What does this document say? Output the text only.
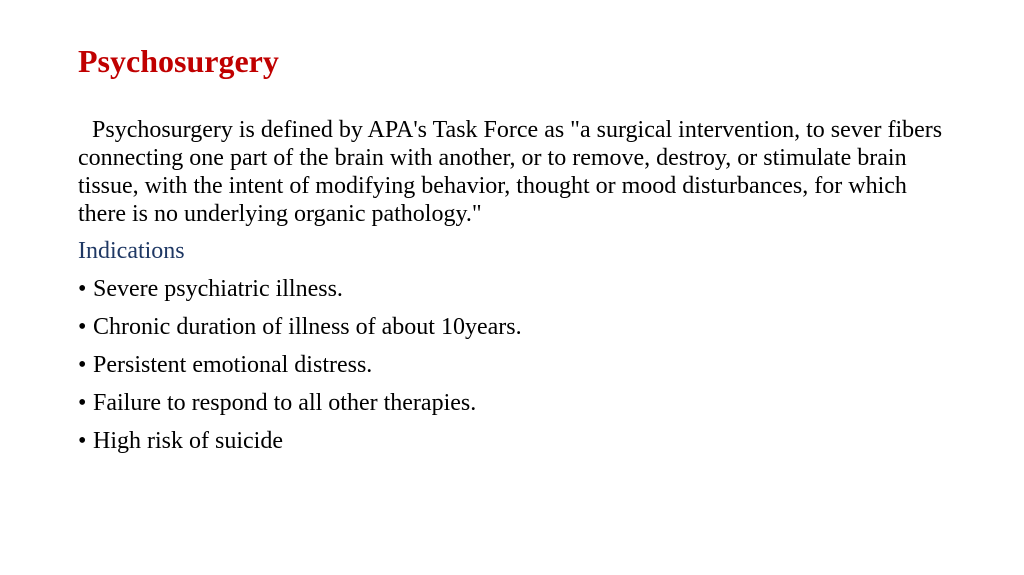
Psychosurgery

Psychosurgery is defined by APA's Task Force as "a surgical intervention, to sever fibers connecting one part of the brain with another, or to remove, destroy, or stimulate brain tissue, with the intent of modifying behavior, thought or mood disturbances, for which there is no underlying organic pathology."

Indications
• Severe psychiatric illness.
• Chronic duration of illness of about 10years.
• Persistent emotional distress.
• Failure to respond to all other therapies.
• High risk of suicide
